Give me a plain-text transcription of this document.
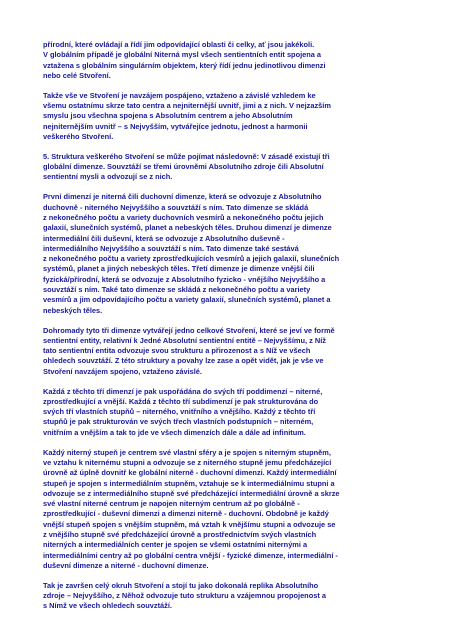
přírodní, které ovládají a řídí jim odpovídající oblasti či celky, ať jsou jakékoli.
V globálním případě je globální Niterná mysl všech sentientních entit spojena a
vztažena s globálním singulárním objektem, který řídí jednu jedinotlivou dimenzi
nebo celé Stvoření.

Takže vše ve Stvoření je navzájem pospájeno, vztaženo a závislé vzhledem ke
všemu ostatnímu skrze tato centra a nejniternější uvnitř, jimi a z nich. V nejzazším
smyslu jsou všechna spojena s Absolutním centrem a jeho Absolutním
nejniternějším uvnitř – s Nejvyšším, vytvářejíce jednotu, jednost a harmonii
veškerého Stvoření.

5. Struktura veškerého Stvoření se může pojímat následovně: V zásadě existují tři
globální dimenze. Souvztáží se třemi úrovněmi Absolutního zdroje čili Absolutní
sentientní mysli a odvozují se z nich.

První dimenzí je niterná čili duchovní dimenze, která se odvozuje z Absolutního
duchovně - niterného Nejvyššího a souvztáží s ním. Tato dimenze se skládá
z nekonečného počtu a variety duchovních vesmírů a nekonečného počtu jejich
galaxií, slunečních systémů, planet a nebeských těles. Druhou dimenzí je dimenze
intermediální čili duševní, která se odvozuje z Absolutního duševně -
intermediálního Nejvyššího a souvztáží s ním. Tato dimenze také sestává
z nekonečného počtu a variety zprostředkujících vesmírů a jejich galaxií, slunečních
systémů, planet a jiných nebeských těles. Třetí dimenze je dimenze vnější čili
fyzická/přírodní, která se odvozuje z Absolutního fyzicko - vnějšího Nejvyššího a
souvztáží s ním. Také tato dimenze se skládá z nekonečného počtu a variety
vesmírů a jim odpovídajícího počtu a variety galaxií, slunečních systémů, planet a
nebeských těles.

Dohromady tyto tři dimenze vytvářejí jedno celkové Stvoření, které se jeví ve formě
sentientní entity, relativní k Jedné Absolutní sentientní entitě – Nejvyššímu, z Níž
tato sentientní entita odvozuje svou strukturu a přirozenost a s Níž ve všech
ohledech souvztáží. Z této struktury a povahy lze zase a opět vidět, jak je vše ve
Stvoření navzájem spojeno, vztaženo závislé.

Každá z těchto tří dimenzí je pak uspořádána do svých tří poddimenzí – niterné,
zprostředkující a vnější. Každá z těchto tří subdimenzí je pak strukturována do
svých tří vlastních stupňů – niterného, vnitřního a vnějšího. Každý z těchto tří
stupňů je pak strukturován ve svých třech vlastních podstupních – niterném,
vnitřním a vnějším a tak to jde ve všech dimenzích dále a dále ad infinitum.

Každý niterný stupeň je centrem své vlastní sféry a je spojen s niterným stupněm,
ve vztahu k niternému stupni a odvozuje se z niterného stupně jemu předcházející
úrovně až úplně dovnitř ke globální niterně - duchovní dimenzi. Každý intermediální
stupeň je spojen s intermediálním stupněm, vztahuje se k intermediálnímu stupni a
odvozuje se z intermediálního stupně své předcházející intermediální úrovně a skrze
své vlastní niterné centrum je napojen niterným centrum až po globálně -
zprostředkující - duševní dimenzi a dimenzi niterně - duchovní. Obdobně je každý
vnější stupeň spojen s vnějším stupněm, má vztah k vnějšímu stupni a odvozuje se
z vnějšího stupně své předcházející úrovně a prostřednictvím svých vlastních
niterných a intermediálních center je spojen se všemi ostatními niternými a
intermediálními centry až po globální centra vnější - fyzické dimenze, intermediální -
duševní dimenze a niterné - duchovní dimenze.

Tak je završen celý okruh Stvoření a stojí tu jako dokonalá replika Absolutního
zdroje – Nejvyššího, z Něhož odvozuje tuto strukturu a vzájemnou propojenost a
s Nímž ve všech ohledech souvztáží.
